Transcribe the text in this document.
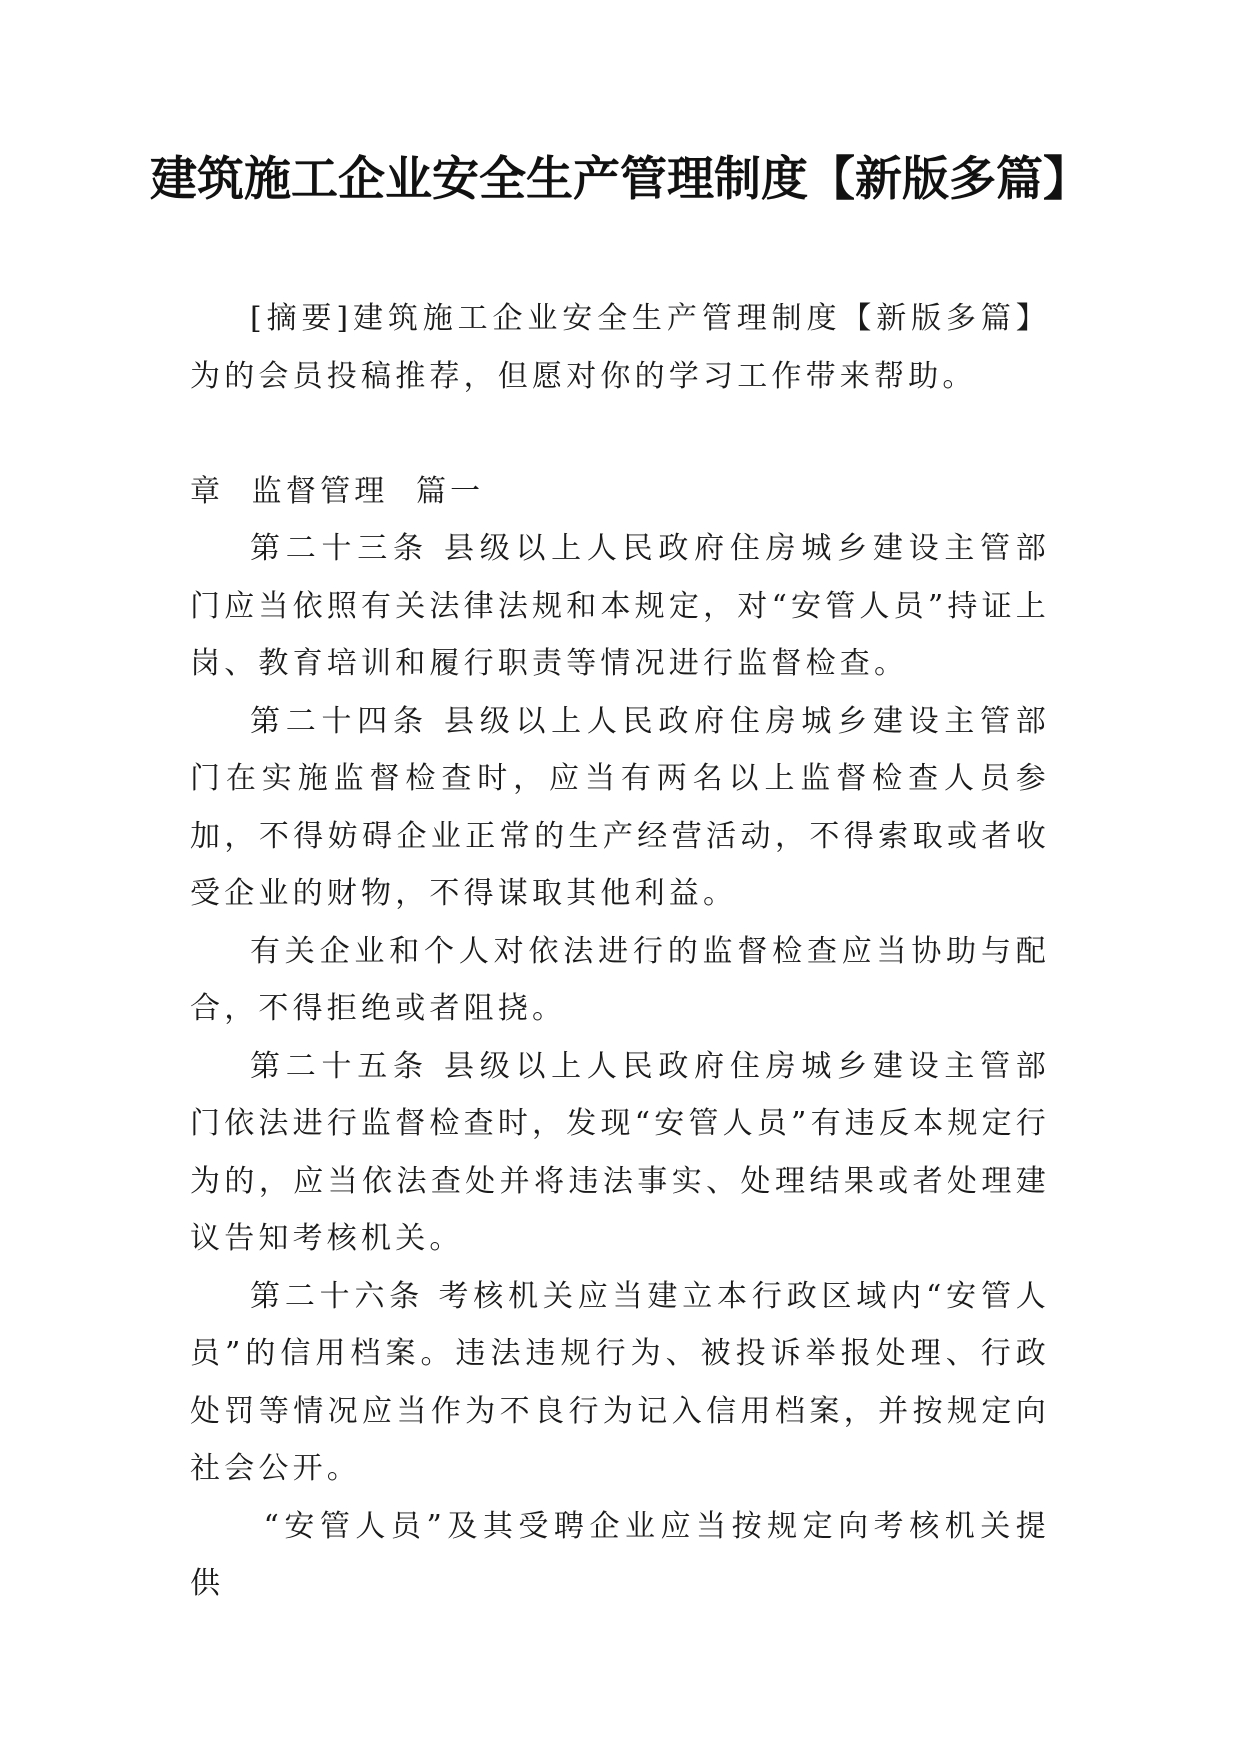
建筑施工企业安全生产管理制度【新版多篇】

[摘要]建筑施工企业安全生产管理制度【新版多篇】为的会员投稿推荐，但愿对你的学习工作带来帮助。

章  监督管理  篇一

第二十三条 县级以上人民政府住房城乡建设主管部门应当依照有关法律法规和本规定，对“安管人员”持证上岗、教育培训和履行职责等情况进行监督检查。

第二十四条 县级以上人民政府住房城乡建设主管部门在实施监督检查时，应当有两名以上监督检查人员参加，不得妨碍企业正常的生产经营活动，不得索取或者收受企业的财物，不得谋取其他利益。

有关企业和个人对依法进行的监督检查应当协助与配合，不得拒绝或者阻挠。

第二十五条 县级以上人民政府住房城乡建设主管部门依法进行监督检查时，发现“安管人员”有违反本规定行为的，应当依法查处并将违法事实、处理结果或者处理建议告知考核机关。

第二十六条 考核机关应当建立本行政区域内“安管人员”的信用档案。违法违规行为、被投诉举报处理、行政处罚等情况应当作为不良行为记入信用档案，并按规定向社会公开。

“安管人员”及其受聘企业应当按规定向考核机关提供
